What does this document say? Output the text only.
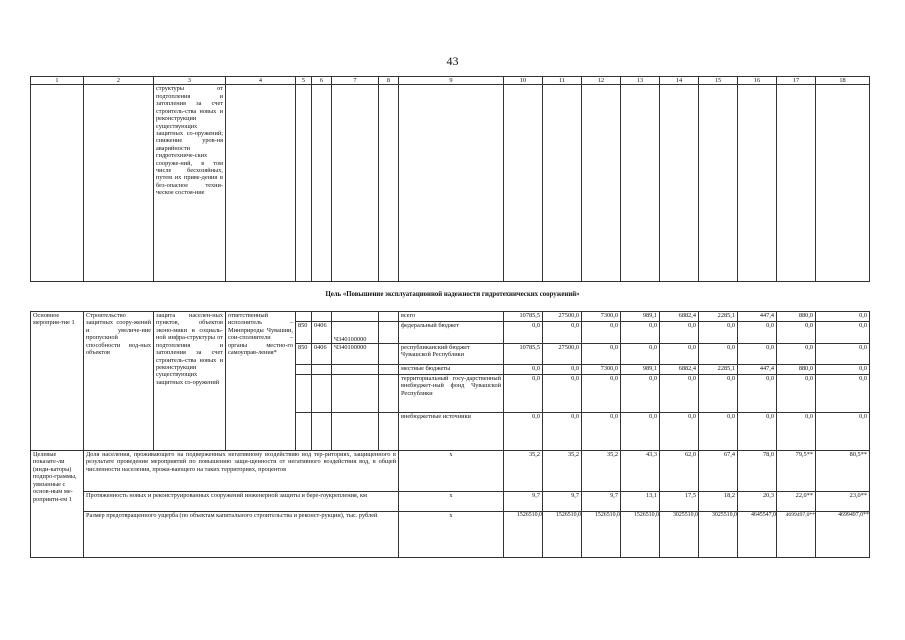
43
1	2	3	4	5	6	7	8	9	10	11	12	13	14	15	16	17	18
		структуры от подтопления и затопления за счет строитель-ства новых и реконструкции существующих защитных со-оружений; снижение уров-ня аварийности гидротехниче-ских сооруже-ний, в том числе бесхозяйных, путем их приве-дения в без-опасное техни-ческое состоя-ние															
Цель «Повышение эксплуатационной надежности гидротехнических сооружений»
Основное мероприя-тие 1	Строительство защитных соору-жений и увеличе-ние пропускной способности вод-ных объектов	защита населен-ных пунктов, объектов эконо-мики и социаль-ной инфра-структуры от подтопления и затопления за счет строитель-ства новых и реконструкции существующих защитных со-оружений	ответственный исполнитель – Минприроды Чувашии, сои-сполнители – органы местно-го самоуправ-ления*					всего	10785,5	27500,0	7300,0	989,1	6882,4	2285,1	447,4	880,0	0,0
				850	0406	Ч340100000		федеральный бюджет	0,0	0,0	0,0	0,0	0,0	0,0	0,0	0,0	0,0
				850	0406	Ч340100000		республиканский бюджет Чувашской Республики	10785,5	27500,0	0,0	0,0	0,0	0,0	0,0	0,0	0,0
								местные бюджеты	0,0	0,0	7300,0	989,1	6882,4	2285,1	447,4	880,0	0,0
								территориальный госу-дарственный внебюджет-ный фонд Чувашской Республики	0,0	0,0	0,0	0,0	0,0	0,0	0,0	0,0	0,0
								внебюджетные источники	0,0	0,0	0,0	0,0	0,0	0,0	0,0	0,0	0,0
Целевые показате-ли (инди-каторы) подпро-граммы, увязанные с основ-ным ме-роприяти-ем 1	Доля населения, проживающего на подверженных негативному воздействию вод тер-риториях, защищенного в результате проведения мероприятий по повышению защи-щенности от негативного воздействия вод, в общей численности населения, прожи-вающего на таких территориях, процентов							x	35,2	35,2	35,2	43,3	62,0	67,4	78,0	79,5**	80,5**
	Протяженность новых и реконструированных сооружений инженерной защиты и бере-гоукрепления, км							x	9,7	9,7	9,7	13,1	17,5	18,2	20,3	22,0**	23,0**
	Размер предотвращенного ущерба (по объектам капитального строительства и реконст-рукции), тыс. рублей							x	1526510,0	1526510,0	1526510,0	1526510,0	3025510,0	3025510,0	4645547,0	4699497,0**	4699497,0**
